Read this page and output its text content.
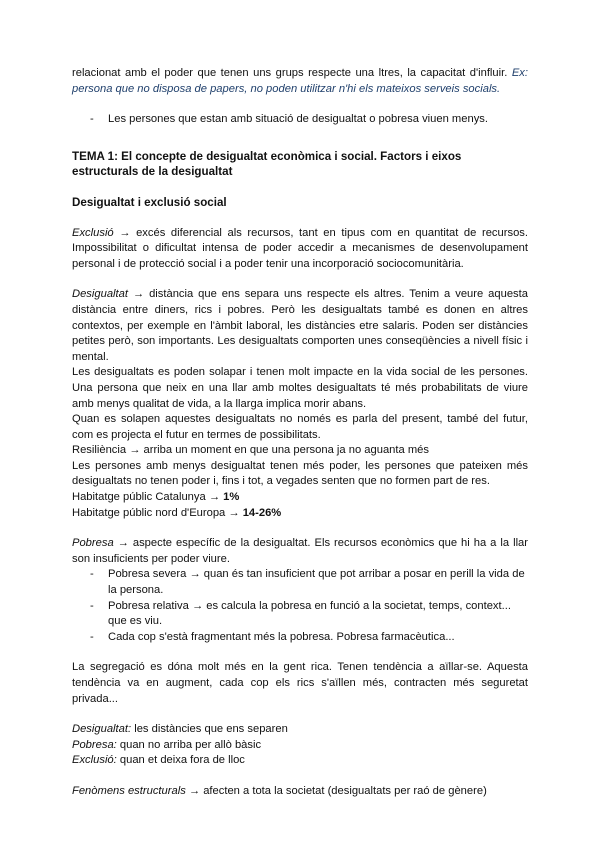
relacionat amb el poder que tenen uns grups respecte una ltres, la capacitat d'influir. Ex: persona que no disposa de papers, no poden utilitzar n'hi els mateixos serveis socials.

- Les persones que estan amb situació de desigualtat o pobresa viuen menys.
TEMA 1: El concepte de desigualtat econòmica i social. Factors i eixos estructurals de la desigualtat
Desigualtat i exclusió social

Exclusió → excés diferencial als recursos, tant en tipus com en quantitat de recursos. Impossibilitat o dificultat intensa de poder accedir a mecanismes de desenvolupament personal i de protecció social i a poder tenir una incorporació sociocomunitària.

Desigualtat → distància que ens separa uns respecte els altres. Tenim a veure aquesta distància entre diners, rics i pobres. Però les desigualtats també es donen en altres contextos, per exemple en l'àmbit laboral, les distàncies etre salaris. Poden ser distàncies petites però, son importants. Les desigualtats comporten unes conseqüències a nivell físic i mental.

Les desigualtats es poden solapar i tenen molt impacte en la vida social de les persones. Una persona que neix en una llar amb moltes desigualtats té més probabilitats de viure amb menys qualitat de vida, a la llarga implica morir abans.

Quan es solapen aquestes desigualtats no només es parla del present, també del futur, com es projecta el futur en termes de possibilitats.

Resiliència → arriba un moment en que una persona ja no aguanta més

Les persones amb menys desigualtat tenen més poder, les persones que pateixen més desigualtats no tenen poder i, fins i tot, a vegades senten que no formen part de res.

Habitatge públic Catalunya → 1%

Habitatge públic nord d'Europa → 14-26%

Pobresa → aspecte específic de la desigualtat. Els recursos econòmics que hi ha a la llar son insuficients per poder viure.

- Pobresa severa → quan és tan insuficient que pot arribar a posar en perill la vida de la persona.
- Pobresa relativa → es calcula la pobresa en funció a la societat, temps, context... que es viu.
- Cada cop s'està fragmentant més la pobresa. Pobresa farmacèutica...

La segregació es dóna molt més en la gent rica. Tenen tendència a aïllar-se. Aquesta tendència va en augment, cada cop els rics s'aïllen més, contracten més seguretat privada...

Desigualtat: les distàncies que ens separen

Pobresa: quan no arriba per allò bàsic

Exclusió: quan et deixa fora de lloc

Fenòmens estructurals → afecten a tota la societat (desigualtats per raó de gènere)
